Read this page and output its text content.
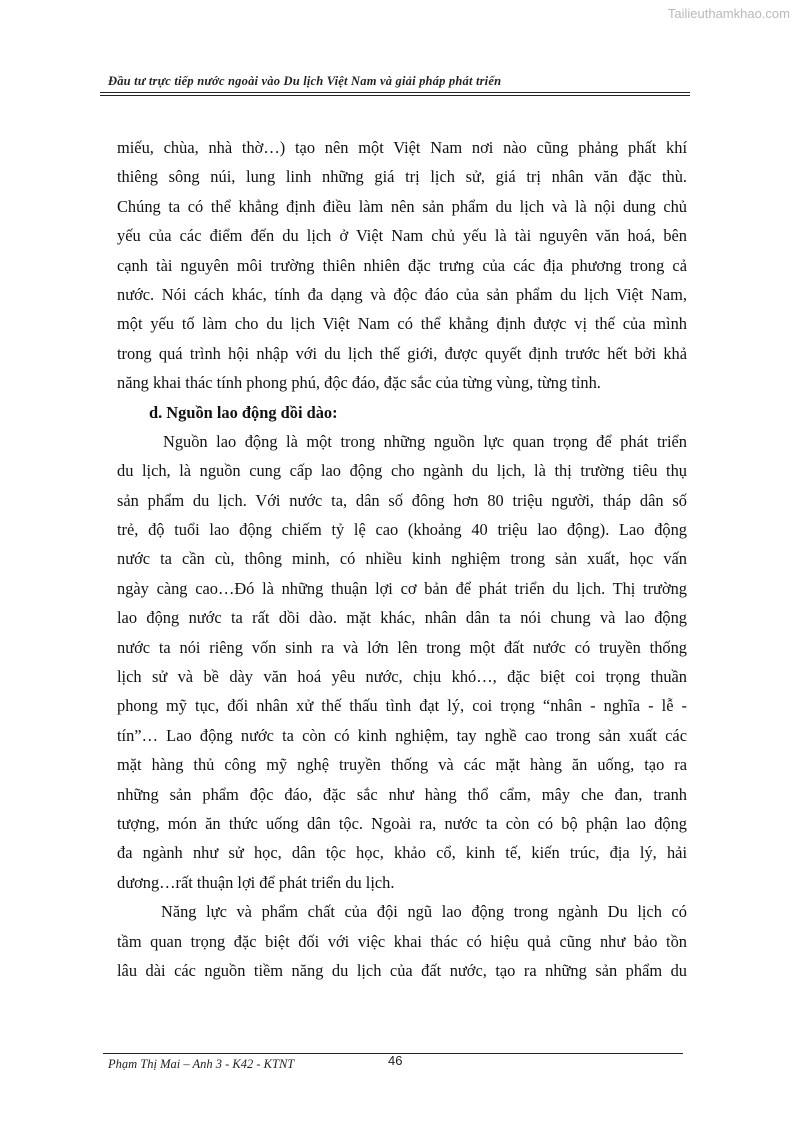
Tailieuthamkhao.com
Đầu tư trực tiếp nước ngoài vào Du lịch Việt Nam và giải pháp phát triển
miếu, chùa, nhà thờ…) tạo nên một Việt Nam nơi nào cũng phảng phất khí
thiêng sông núi, lung linh những giá trị lịch sử, giá trị nhân văn đặc thù.
Chúng ta có thể khẳng định điều làm nên sản phẩm du lịch và là nội dung chủ
yếu của các điểm đến du lịch ở Việt Nam chủ yếu là tài nguyên văn hoá, bên
cạnh tài nguyên môi trường thiên nhiên đặc trưng của các địa phương trong cả
nước. Nói cách khác, tính đa dạng và độc đáo của sản phẩm du lịch Việt Nam,
một yếu tố làm cho du lịch Việt Nam có thể khẳng định được vị thế của mình
trong quá trình hội nhập với du lịch thế giới, được quyết định trước hết bởi khả
năng khai thác tính phong phú, độc đáo, đặc sắc của từng vùng, từng tỉnh.
d. Nguồn lao động dồi dào:
Nguồn lao động là một trong những nguồn lực quan trọng để phát triển
du lịch, là nguồn cung cấp lao động cho ngành du lịch, là thị trường tiêu thụ
sản phẩm du lịch. Với nước ta, dân số đông hơn 80 triệu người, tháp dân số
trẻ, độ tuổi lao động chiếm tỷ lệ cao (khoảng 40 triệu lao động). Lao động
nước ta cần cù, thông minh, có nhiều kinh nghiệm trong sản xuất, học vấn
ngày càng cao…Đó là những thuận lợi cơ bản để phát triển du lịch. Thị trường
lao động nước ta rất dồi dào. mặt khác, nhân dân ta nói chung và lao động
nước ta nói riêng vốn sinh ra và lớn lên trong một đất nước có truyền thống
lịch sử và bề dày văn hoá yêu nước, chịu khó…, đặc biệt coi trọng thuần
phong mỹ tục, đối nhân xử thế thấu tình đạt lý, coi trọng “nhân - nghĩa - lễ -
tín”… Lao động nước ta còn có kinh nghiệm, tay nghề cao trong sản xuất các
mặt hàng thủ công mỹ nghệ truyền thống và các mặt hàng ăn uống, tạo ra
những sản phẩm độc đáo, đặc sắc như hàng thổ cẩm, mây che đan, tranh
tượng, món ăn thức uống dân tộc. Ngoài ra, nước ta còn có bộ phận lao động
đa ngành như sử học, dân tộc học, khảo cổ, kinh tế, kiến trúc, địa lý, hải
dương…rất thuận lợi để phát triển du lịch.
Năng lực và phẩm chất của đội ngũ lao động trong ngành Du lịch có
tầm quan trọng đặc biệt đối với việc khai thác có hiệu quả cũng như bảo tồn
lâu dài các nguồn tiềm năng du lịch của đất nước, tạo ra những sản phẩm du
Phạm Thị Mai – Anh 3 - K42 - KTNT	46
